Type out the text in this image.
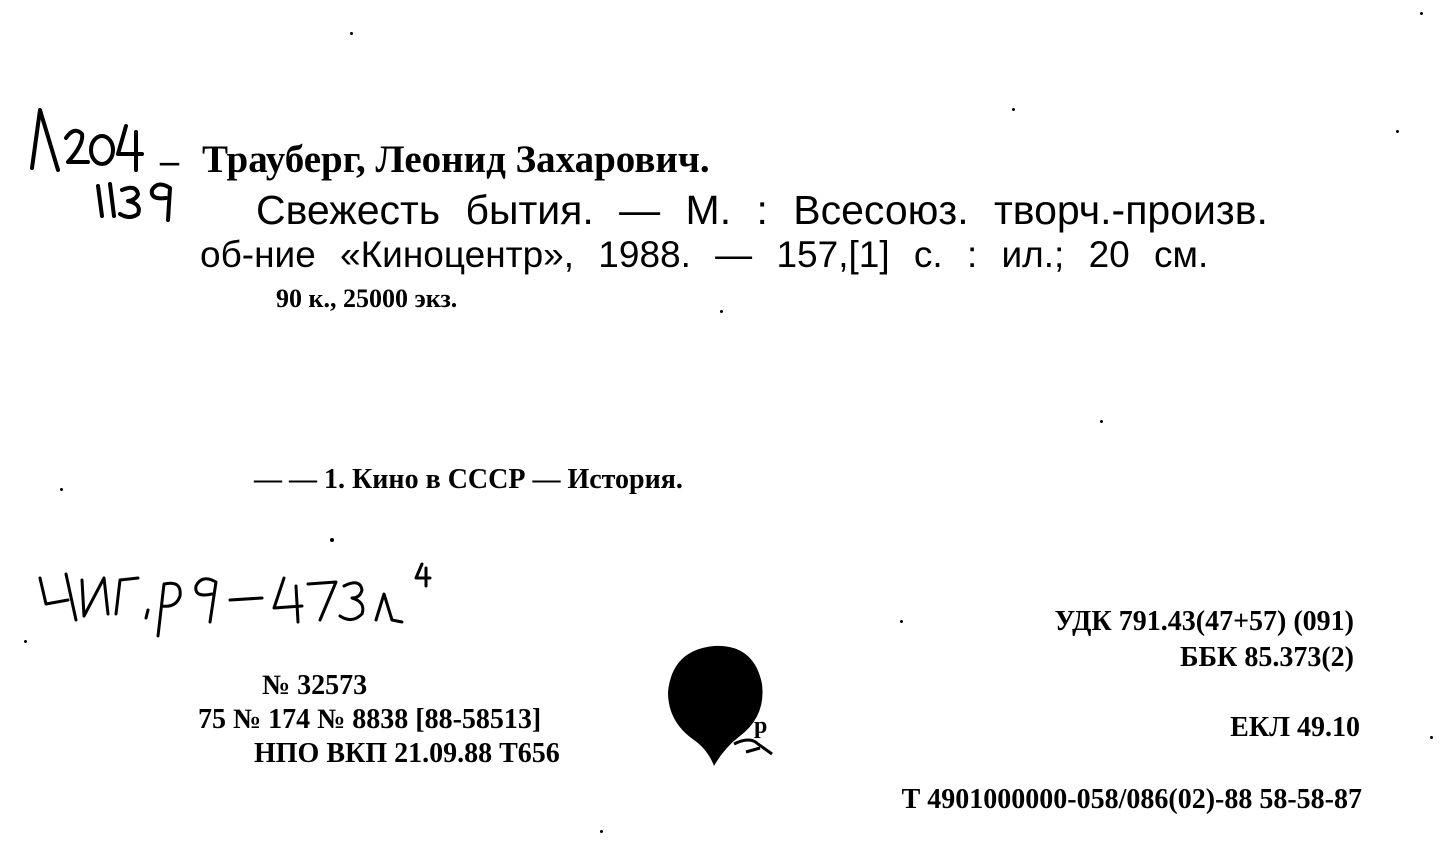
– Трауберг, Леонид Захарович.
Свежесть бытия. — М. : Всесоюз. творч.-произв.
об-ние «Киноцентр», 1988. — 157,[1] с. : ил.; 20 см.
90 к., 25000 экз.
— — 1. Кино в СССР — История.
УДК 791.43(47+57) (091)
ББК 85.373(2)
ЕКЛ 49.10
№ 32573
75 № 174 № 8838 [88-58513]
НПО ВКП 21.09.88 Т656
р
Т 4901000000-058/086(02)-88 58-58-87
